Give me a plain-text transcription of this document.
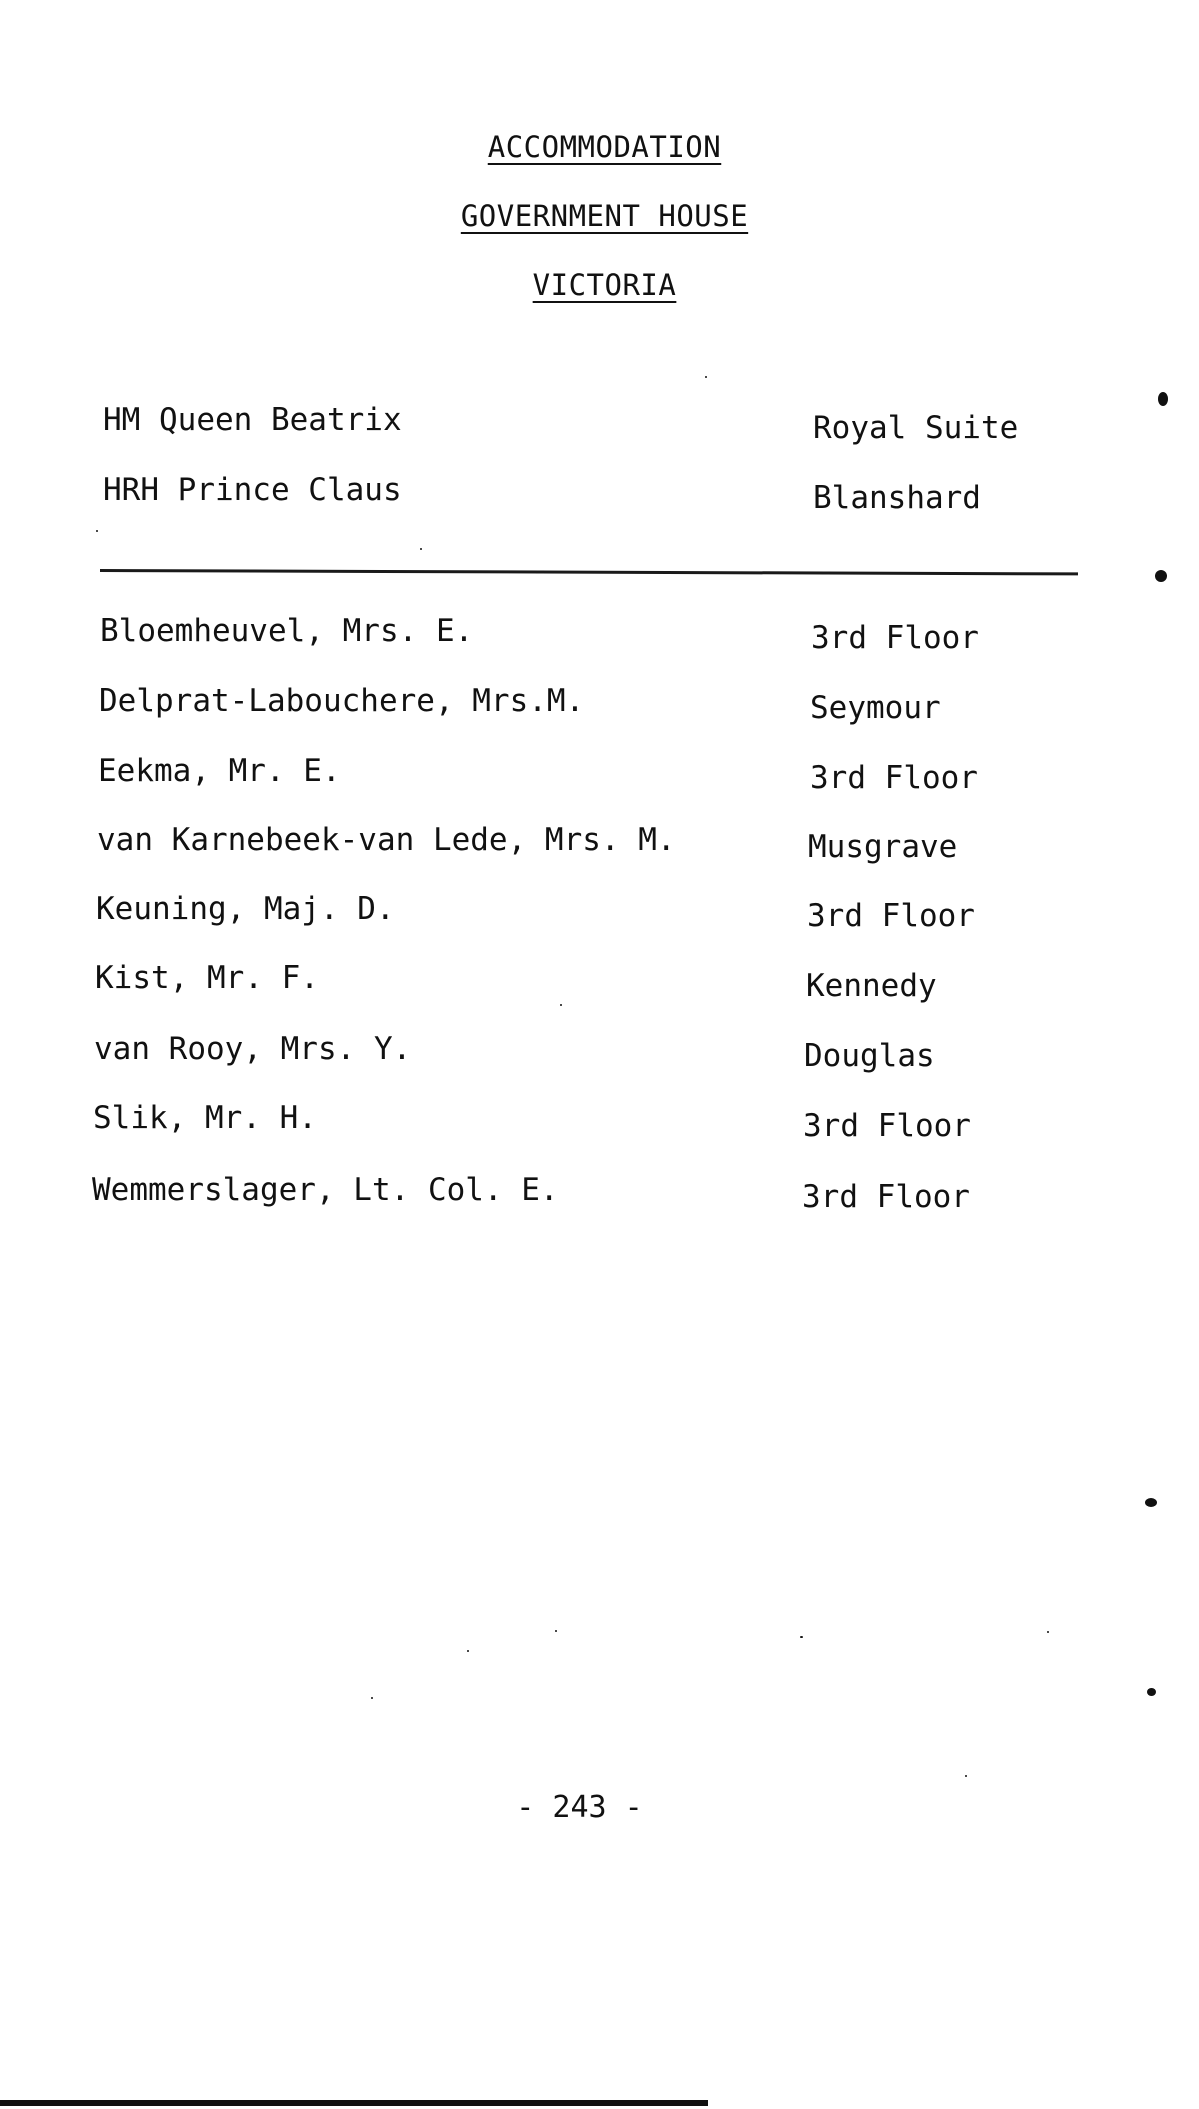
ACCOMMODATION
GOVERNMENT HOUSE
VICTORIA
HM Queen Beatrix	Royal Suite
HRH Prince Claus	Blanshard
Bloemheuvel, Mrs. E.	3rd Floor
Delprat-Labouchere, Mrs.M.	Seymour
Eekma, Mr. E.	3rd Floor
van Karnebeek-van Lede, Mrs. M.	Musgrave
Keuning, Maj. D.	3rd Floor
Kist, Mr. F.	Kennedy
van Rooy, Mrs. Y.	Douglas
Slik, Mr. H.	3rd Floor
Wemmerslager, Lt. Col. E.	3rd Floor
- 243 -
